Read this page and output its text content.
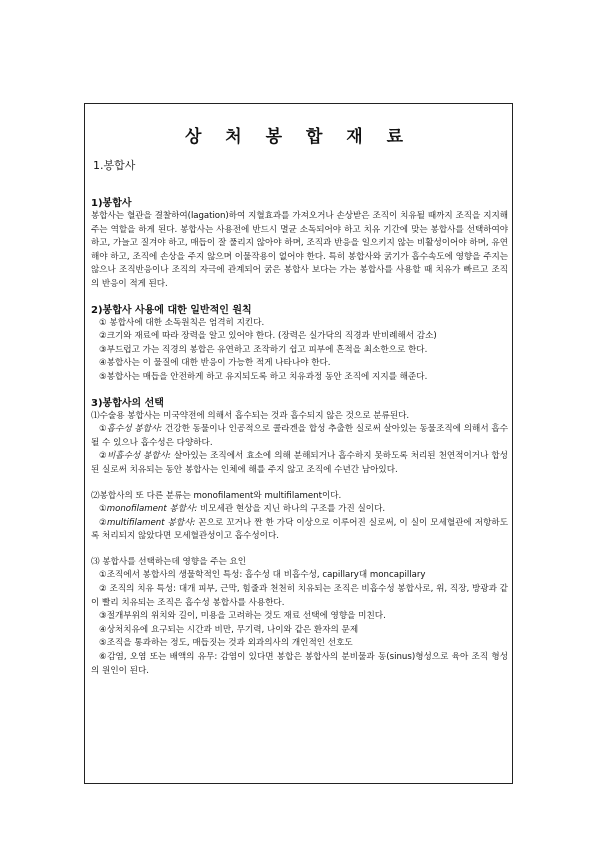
상 처 봉 합 재 료
1.봉합사
1)봉합사
봉합사는 혈관을 결찰하여(lagation)하여 지혈효과를 가져오거나 손상받은 조직이 치유될 때까지 조직을 지지해 주는 역할을 하게 된다. 봉합사는 사용전에 반드시 멸균 소독되어야 하고 치유 기간에 맞는 봉합사를 선택하여야 하고, 가늘고 질겨야 하고, 매듭이 잘 풀리지 않아야 하며, 조직과 반응을 일으키지 않는 비활성이어야 하며, 유연해야 하고, 조직에 손상을 주지 않으며 이물작용이 없어야 한다. 특히 봉합사와 굵기가 흡수속도에 영향을 주지는 않으나 조직반응이나 조직의 자극에 관계되어 굵은 봉합사 보다는 가는 봉합사를 사용할 때 치유가 빠르고 조직의 반응이 적게 된다.
2)봉합사 사용에 대한 일반적인 원칙
① 봉합사에 대한 소독원칙은 엄격히 지킨다.
②크기와 재료에 따라 장력을 알고 있어야 한다. (장력은 실가닥의 직경과 반비례해서 감소)
③부드럽고 가는 직경의 봉합은 유연하고 조작하기 쉽고 피부에 흔적을 최소한으로 한다.
④봉합사는 이 물질에 대한 반응이 가능한 적게 나타나야 한다.
⑤봉합사는 매듭을 안전하게 하고 유지되도록 하고 치유과정 동안 조직에 지지를 해준다.
3)봉합사의 선택
⑴수술용 봉합사는 미국약전에 의해서 흡수되는 것과 흡수되지 않은 것으로 분류된다.
①흡수성 봉합사: 건강한 동물이나 인공적으로 콜라겐을 합성 추출한 실로써 살아있는 동물조직에 의해서 흡수될 수 있으나 흡수성은 다양하다.
②비흡수성 봉합사: 살아있는 조직에서 효소에 의해 분해되거나 흡수하지 못하도록 처리된 천연적이거나 합성된 실로써 치유되는 동안 봉합사는 인체에 해를 주지 않고 조직에 수년간 남아있다.
⑵봉합사의 또 다른 분류는 monofilament와 multifilament이다.
①monofilament 봉합사: 비모세관 현상을 지닌 하나의 구조를 가진 실이다.
②multifilament 봉합사: 꼰으로 꼬거나 짠 한 가닥 이상으로 이루어진 실로써, 이 실이 모세혈관에 저항하도록 처리되지 않았다면 모세혈관성이고 흡수성이다.
⑶ 봉합사를 선택하는데 영향을 주는 요인
①조직에서 봉합사의 생물학적인 특성: 흡수성 대 비흡수성, capillary대 moncapillary
② 조직의 치유 특성: 대개 피부, 근막, 힘줄과 천천히 치유되는 조직은 비흡수성 봉합사로, 위, 직장, 방광과 같이 빨리 치유되는 조직은 흡수성 봉합사를 사용한다.
③절개부위의 위치와 길이, 미용을 고려하는 것도 재료 선택에 영향을 미친다.
④상처치유에 요구되는 시간과 비만, 무기력, 나이와 같은 환자의 문제
⑤조직을 통과하는 정도, 매듭짓는 것과 외과의사의 개인적인 선호도
⑥감염, 오염 또는 배액의 유무: 감염이 있다면 봉합은 봉합사의 분비물과 동(sinus)형성으로 육아 조직 형성의 원인이 된다.
